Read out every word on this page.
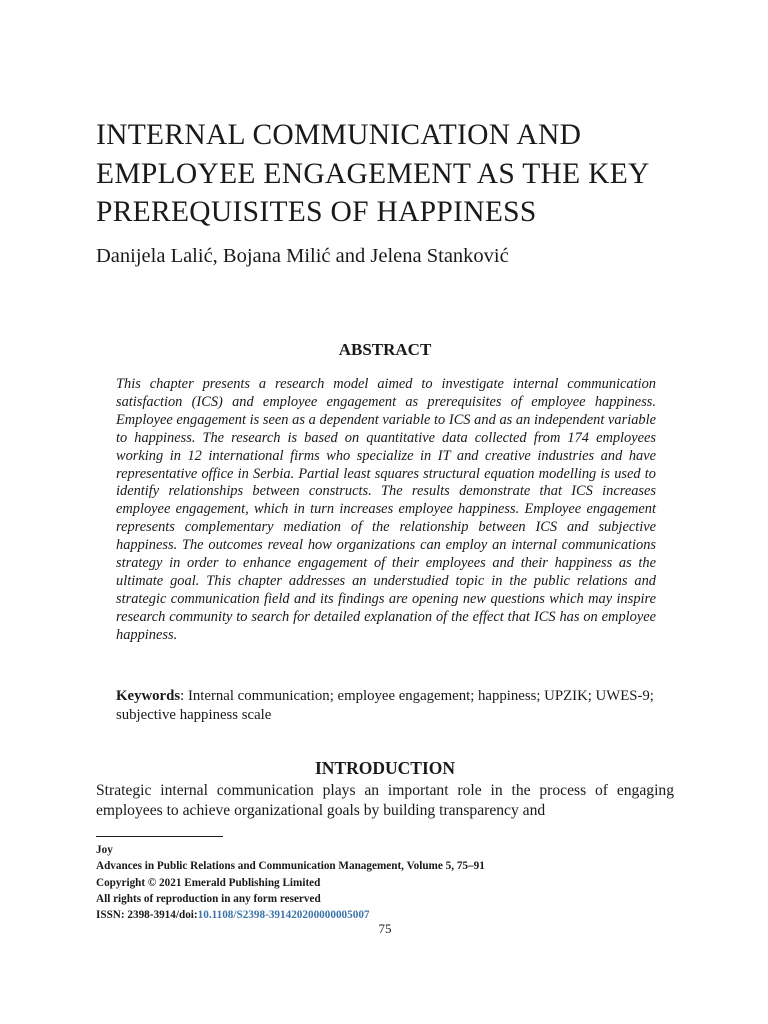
INTERNAL COMMUNICATION AND EMPLOYEE ENGAGEMENT AS THE KEY PREREQUISITES OF HAPPINESS
Danijela Lalić, Bojana Milić and Jelena Stanković
ABSTRACT

This chapter presents a research model aimed to investigate internal communication satisfaction (ICS) and employee engagement as prerequisites of employee happiness. Employee engagement is seen as a dependent variable to ICS and as an independent variable to happiness. The research is based on quantitative data collected from 174 employees working in 12 international firms who specialize in IT and creative industries and have representative office in Serbia. Partial least squares structural equation modelling is used to identify relationships between constructs. The results demonstrate that ICS increases employee engagement, which in turn increases employee happiness. Employee engagement represents complementary mediation of the relationship between ICS and subjective happiness. The outcomes reveal how organizations can employ an internal communications strategy in order to enhance engagement of their employees and their happiness as the ultimate goal. This chapter addresses an understudied topic in the public relations and strategic communication field and its findings are opening new questions which may inspire research community to search for detailed explanation of the effect that ICS has on employee happiness.

Keywords: Internal communication; employee engagement; happiness; UPZIK; UWES-9; subjective happiness scale

INTRODUCTION

Strategic internal communication plays an important role in the process of engaging employees to achieve organizational goals by building transparency and

Joy
Advances in Public Relations and Communication Management, Volume 5, 75–91
Copyright © 2021 Emerald Publishing Limited
All rights of reproduction in any form reserved
ISSN: 2398-3914/doi:10.1108/S2398-391420200000005007
75
